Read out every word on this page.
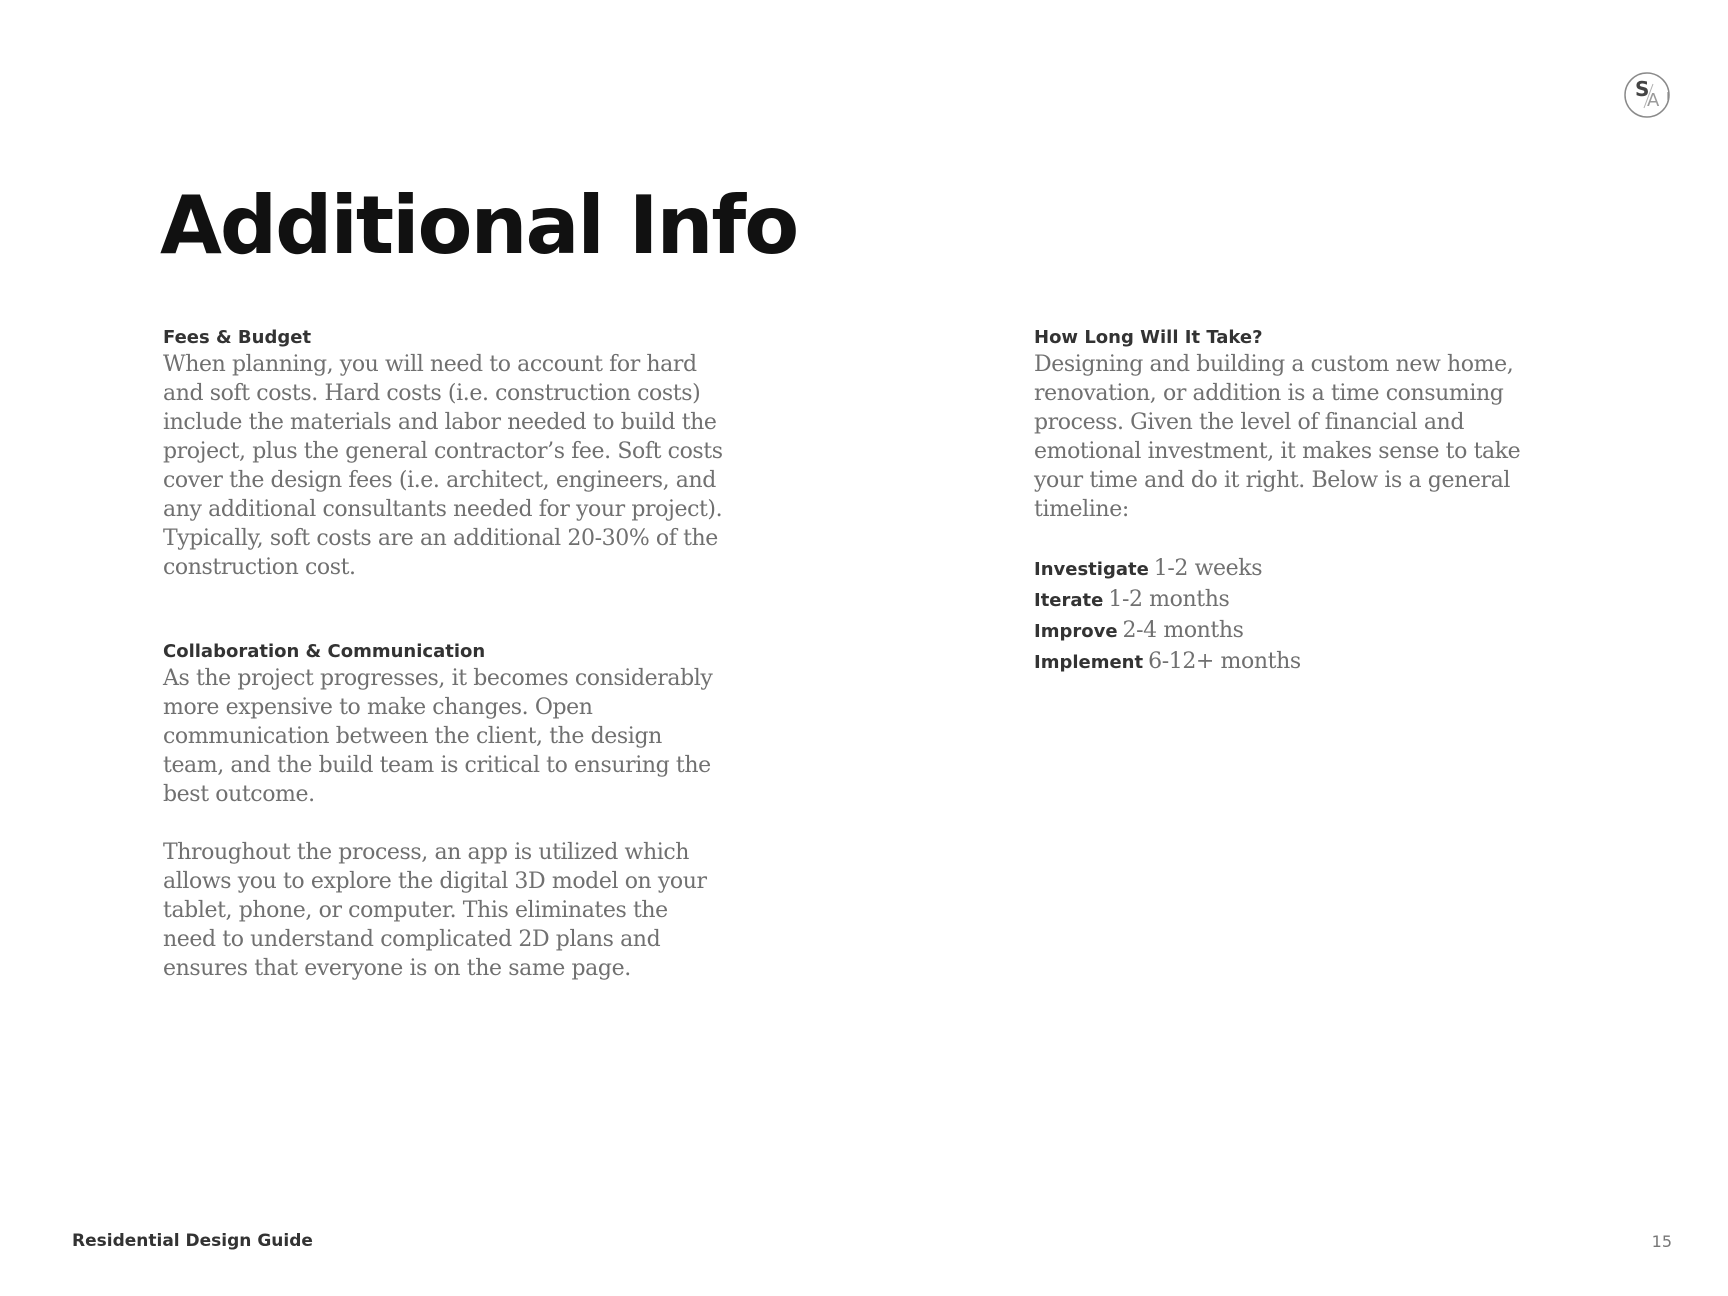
S
A
Additional Info
Fees & Budget

When planning, you will need to account for hard and soft costs. Hard costs (i.e. construction costs) include the materials and labor needed to build the project, plus the general contractor’s fee. Soft costs cover the design fees (i.e. architect, engineers, and any additional consultants needed for your project). Typically, soft costs are an additional 20-30% of the construction cost.

Collaboration & Communication

As the project progresses, it becomes considerably more expensive to make changes. Open communication between the client, the design team, and the build team is critical to ensuring the best outcome.

Throughout the process, an app is utilized which allows you to explore the digital 3D model on your tablet, phone, or computer. This eliminates the need to understand complicated 2D plans and ensures that everyone is on the same page.

How Long Will It Take?

Designing and building a custom new home, renovation, or addition is a time consuming process. Given the level of financial and emotional investment, it makes sense to take your time and do it right. Below is a general timeline:

Investigate 1-2 weeks
Iterate 1-2 months
Improve 2-4 months
Implement 6-12+ months
Residential Design Guide	15
